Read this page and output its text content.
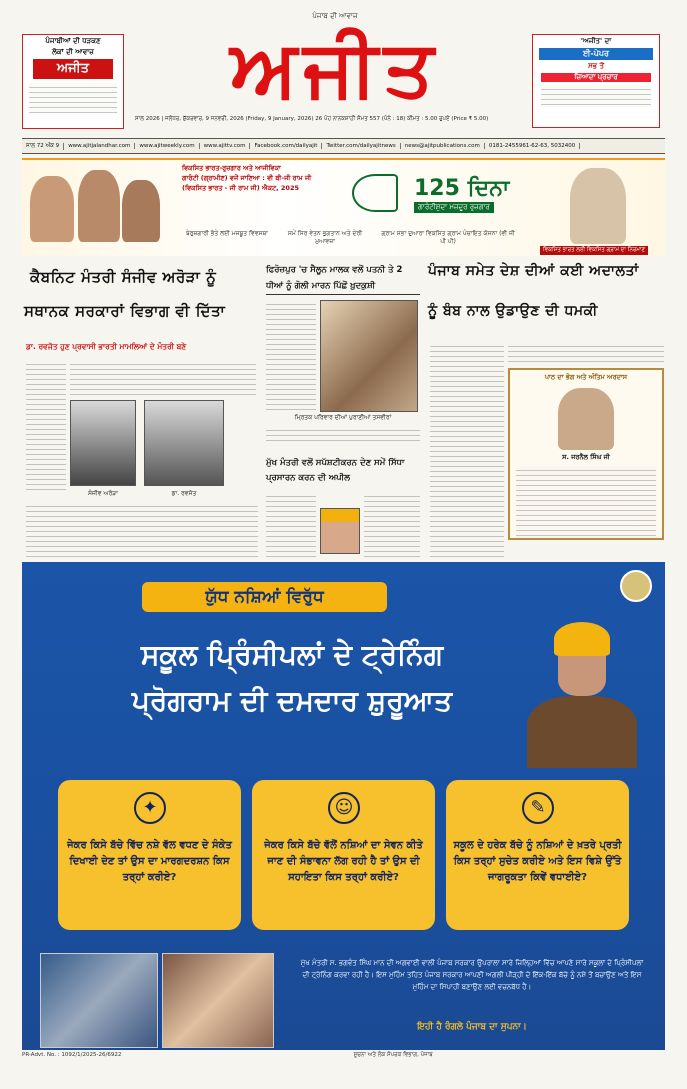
ਪੰਜਾਬੀਆਂ ਦੀ ਧੜਕਣ
ਲੋਕਾਂ ਦੀ ਆਵਾਜ਼
ਅਜੀਤ
ਪੰਜਾਬ ਦੀ ਆਵਾਜ਼
ਅਜੀਤ	'ਅਜੀਤ' ਦਾ
ਈ-ਪੇਪਰ
ਸਭ ਤੋਂ
ਜ਼ਿਆਦਾ ਪ੍ਰਚਾਰ
ਸਾਲ 2026 | ਜਲੰਧਰ, ਸ਼ੁੱਕਰਵਾਰ, 9 ਜਨਵਰੀ, 2026 (Friday, 9 January, 2026) 26 ਪੋਹ ਨਾਨਕਸ਼ਾਹੀ ਸੰਮਤ 557 (ਪੰਨੇ : 18) ਕੀਮਤ : 5.00 ਰੁਪਏ (Price ₹ 5.00)
ਸਾਲ 72 ਅੰਕ 9	www.ajitjalandhar.com	www.ajitweekly.com	www.ajittv.com	Facebook.com/dailyajit	Twitter.com/dailyajitnews	news@ajitpublications.com	0181-2455961-62-63, 5032400
ਵਿਕਸਿਤ ਭਾਰਤ-ਰੁਜ਼ਗਾਰ ਅਤੇ ਆਜੀਵਿਕਾ
ਗਾਰੰਟੀ (ਗ੍ਰਾਮੀਣ) ਵਜੋਂ ਜਾਣਿਆ : ਵੀ ਬੀ-ਜੀ ਰਾਮ ਜੀ
(ਵਿਕਸਿਤ ਭਾਰਤ - ਜੀ ਰਾਮ ਜੀ) ਐਕਟ, 2025	125 ਦਿਨਾ
ਗਾਰੰਟੀਸ਼ੁਦਾ ਮਜ਼ਦੂਰ ਰੁਜ਼ਗਾਰ
ਬੇਰੁਜ਼ਗਾਰੀ ਭੱਤੇ ਲਈ ਮਜ਼ਬੂਤ ਵਿਵਸਥਾ	ਸਮੇਂ ਸਿਰ ਵੇਤਨ ਭੁਗਤਾਨ ਅਤੇ ਦੇਰੀ ਮੁਆਵਜ਼ਾ
ਗ੍ਰਾਮ ਸਭਾ ਦੁਆਰਾ ਵਿਕਸਿਤ ਗ੍ਰਾਮ ਪੰਚਾਇਤ ਯੋਜਨਾ (ਵੀ ਜੀ ਪੀ ਪੀ)
ਵਿਕਸਿਤ ਭਾਰਤ ਲਈ ਵਿਕਸਿਤ ਗ੍ਰਾਮ ਦਾ ਨਿਰਮਾਣ
ਕੈਬਨਿਟ ਮੰਤਰੀ ਸੰਜੀਵ ਅਰੋੜਾ ਨੂੰ
ਸਥਾਨਕ ਸਰਕਾਰਾਂ ਵਿਭਾਗ ਵੀ ਦਿੱਤਾ
ਡਾ. ਰਵਜੋਤ ਹੁਣ ਪ੍ਰਵਾਸੀ ਭਾਰਤੀ ਮਾਮਲਿਆਂ ਦੇ ਮੰਤਰੀ ਬਣੇ
ਸੰਜੀਵ ਅਰੋੜਾ	ਡਾ. ਰਵਜੋਤ
ਫਿਰੋਜ਼ਪੁਰ 'ਚ ਸੈਲੂਨ ਮਾਲਕ ਵਲੋਂ ਪਤਨੀ ਤੇ 2 ਧੀਆਂ ਨੂੰ ਗੋਲੀ ਮਾਰਨ ਪਿੱਛੋਂ ਖ਼ੁਦਕੁਸ਼ੀ
ਮ੍ਰਿਤਕ ਪਰਿਵਾਰ ਦੀਆਂ ਪੁਰਾਣੀਆਂ ਤਸਵੀਰਾਂ
ਮੁੱਖ ਮੰਤਰੀ ਵਲੋਂ ਸਪੱਸ਼ਟੀਕਰਨ ਦੇਣ ਸਮੇਂ ਸਿੱਧਾ ਪ੍ਰਸਾਰਨ ਕਰਨ ਦੀ ਅਪੀਲ
ਪੰਜਾਬ ਸਮੇਤ ਦੇਸ਼ ਦੀਆਂ ਕਈ ਅਦਾਲਤਾਂ
ਨੂੰ ਬੰਬ ਨਾਲ ਉਡਾਉਣ ਦੀ ਧਮਕੀ
ਪਾਠ ਦਾ ਭੋਗ ਅਤੇ ਅੰਤਿਮ ਅਰਦਾਸ
ਸ. ਜਰਨੈਲ ਸਿੰਘ ਜੀ
ਯੁੱਧ ਨਸ਼ਿਆਂ ਵਿਰੁੱਧ
ਸਕੂਲ ਪ੍ਰਿੰਸੀਪਲਾਂ ਦੇ ਟ੍ਰੇਨਿੰਗ
ਪ੍ਰੋਗਰਾਮ ਦੀ ਦਮਦਾਰ ਸ਼ੁਰੂਆਤ
✦
ਜੇਕਰ ਕਿਸੇ ਬੱਚੇ ਵਿੱਚ ਨਸ਼ੇ ਵੱਲ ਵਧਣ ਦੇ ਸੰਕੇਤ ਦਿਖਾਈ ਦੇਣ ਤਾਂ ਉਸ ਦਾ ਮਾਰਗਦਰਸ਼ਨ ਕਿਸ ਤਰ੍ਹਾਂ ਕਰੀਏ?
☺
ਜੇਕਰ ਕਿਸੇ ਬੱਚੇ ਵੱਲੋਂ ਨਸ਼ਿਆਂ ਦਾ ਸੇਵਨ ਕੀਤੇ ਜਾਣ ਦੀ ਸੰਭਾਵਨਾ ਲੱਗ ਰਹੀ ਹੈ ਤਾਂ ਉਸ ਦੀ ਸਹਾਇਤਾ ਕਿਸ ਤਰ੍ਹਾਂ ਕਰੀਏ?
✎
ਸਕੂਲ ਦੇ ਹਰੇਕ ਬੱਚੇ ਨੂੰ ਨਸ਼ਿਆਂ ਦੇ ਖ਼ਤਰੇ ਪ੍ਰਤੀ ਕਿਸ ਤਰ੍ਹਾਂ ਸੁਚੇਤ ਕਰੀਏ ਅਤੇ ਇਸ ਵਿਸ਼ੇ ਉੱਤੇ ਜਾਗਰੂਕਤਾ ਕਿਵੇਂ ਵਧਾਈਏ?
ਮੁੱਖ ਮੰਤਰੀ ਸ. ਭਗਵੰਤ ਸਿੰਘ ਮਾਨ ਦੀ ਅਗਵਾਈ ਵਾਲੀ ਪੰਜਾਬ ਸਰਕਾਰ ਉਪਰਾਲਾ ਸਾਰੇ ਜ਼ਿਲ੍ਹਿਆਂ ਵਿੱਚ ਆਪਣੇ ਸਾਰੇ ਸਕੂਲਾਂ ਦੇ ਪ੍ਰਿੰਸੀਪਲਾਂ ਦੀ ਟ੍ਰੇਨਿੰਗ ਕਰਵਾ ਰਹੀ ਹੈ। ਇਸ ਮੁਹਿੰਮ ਤਹਿਤ ਪੰਜਾਬ ਸਰਕਾਰ ਆਪਣੀ ਅਗਲੀ ਪੀੜ੍ਹੀ ਦੇ ਇੱਕ-ਇੱਕ ਬੱਚੇ ਨੂੰ ਨਸ਼ੇ ਤੋਂ ਬਚਾਉਣ ਅਤੇ ਇਸ ਮੁਹਿੰਮ ਦਾ ਸਿਪਾਹੀ ਬਣਾਉਣ ਲਈ ਵਚਨਬੱਧ ਹੈ।
ਇਹੀ ਹੈ ਰੰਗਲੇ ਪੰਜਾਬ ਦਾ ਸੁਪਨਾ।
PR-Advt. No. : 1092/1/2025-26/6922	ਸੂਚਨਾ ਅਤੇ ਲੋਕ ਸੰਪਰਕ ਵਿਭਾਗ, ਪੰਜਾਬ
